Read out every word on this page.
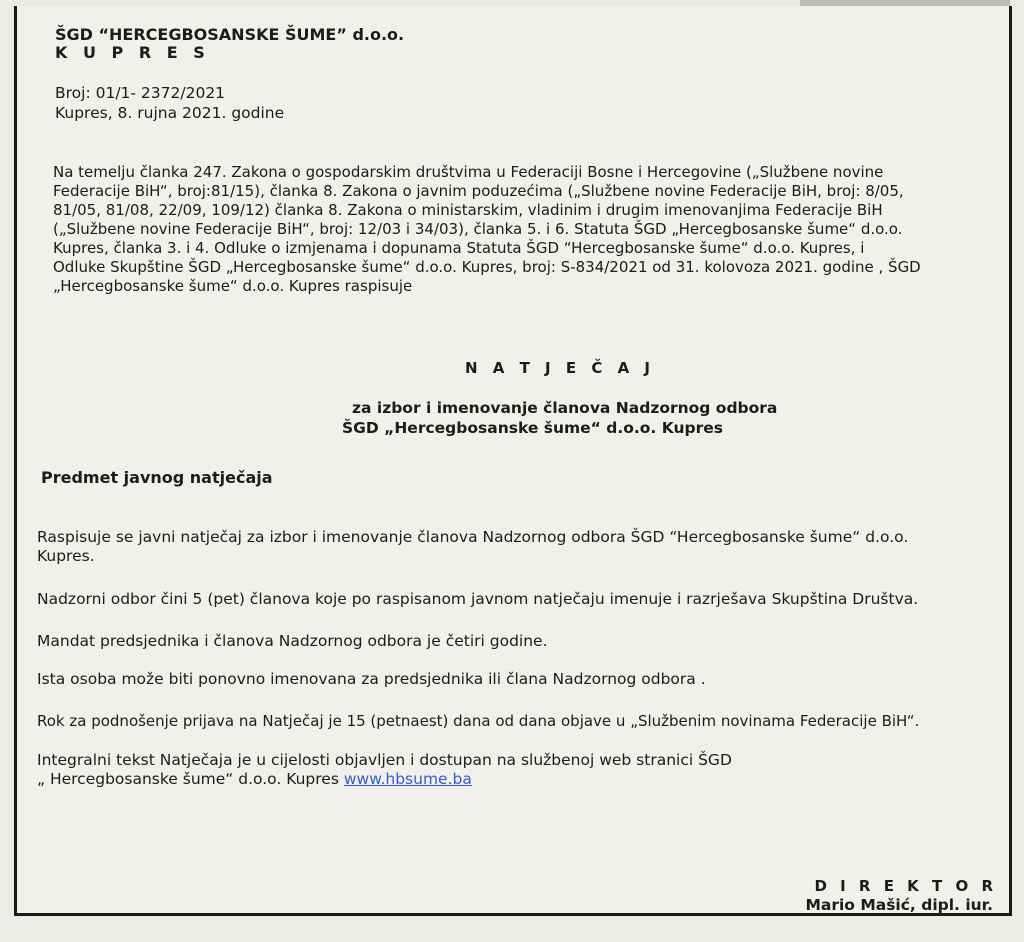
ŠGD “HERCEGBOSANSKE ŠUME” d.o.o.
K U P R E S
Broj: 01/1- 2372/2021
Kupres, 8. rujna 2021. godine
Na temelju članka 247. Zakona o gospodarskim društvima u Federaciji Bosne i Hercegovine („Službene novine
Federacije BiH“, broj:81/15), članka 8. Zakona o javnim poduzećima („Službene novine Federacije BiH, broj: 8/05,
81/05, 81/08, 22/09, 109/12) članka 8. Zakona o ministarskim, vladinim i drugim imenovanjima Federacije BiH
(„Službene novine Federacije BiH“, broj: 12/03 i 34/03), članka 5. i 6. Statuta ŠGD „Hercegbosanske šume“ d.o.o.
Kupres, članka 3. i 4. Odluke o izmjenama i dopunama Statuta ŠGD “Hercegbosanske šume“ d.o.o. Kupres, i
Odluke Skupštine ŠGD „Hercegbosanske šume“ d.o.o. Kupres, broj: S-834/2021 od 31. kolovoza 2021. godine , ŠGD
„Hercegbosanske šume“ d.o.o. Kupres raspisuje
N A T J E Č A J
za izbor i imenovanje članova Nadzornog odbora
ŠGD „Hercegbosanske šume“ d.o.o. Kupres
Predmet javnog natječaja
Raspisuje se javni natječaj za izbor i imenovanje članova Nadzornog odbora ŠGD “Hercegbosanske šume“ d.o.o.
Kupres.
Nadzorni odbor čini 5 (pet) članova koje po raspisanom javnom natječaju imenuje i razrješava Skupština Društva.
Mandat predsjednika i članova Nadzornog odbora je četiri godine.
Ista osoba može biti ponovno imenovana za predsjednika ili člana Nadzornog odbora .
Rok za podnošenje prijava na Natječaj je 15 (petnaest) dana od dana objave u „Službenim novinama Federacije BiH“.
Integralni tekst Natječaja je u cijelosti objavljen i dostupan na službenoj web stranici ŠGD
„ Hercegbosanske šume“ d.o.o. Kupres www.hbsume.ba
D I R E K T O R
Mario Mašić, dipl. iur.
